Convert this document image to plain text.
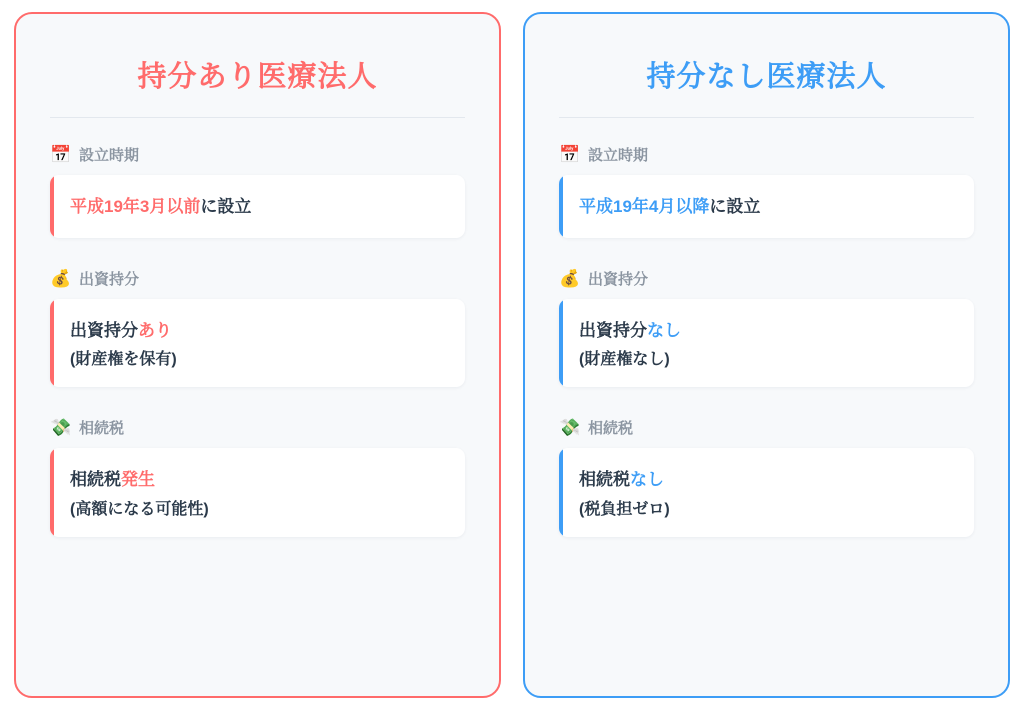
持分あり医療法人
📅 設立時期
平成19年3月以前に設立
💰 出資持分
出資持分あり
(財産権を保有)
💸 相続税
相続税発生
(高額になる可能性)
持分なし医療法人
📅 設立時期
平成19年4月以降に設立
💰 出資持分
出資持分なし
(財産権なし)
💸 相続税
相続税なし
(税負担ゼロ)
